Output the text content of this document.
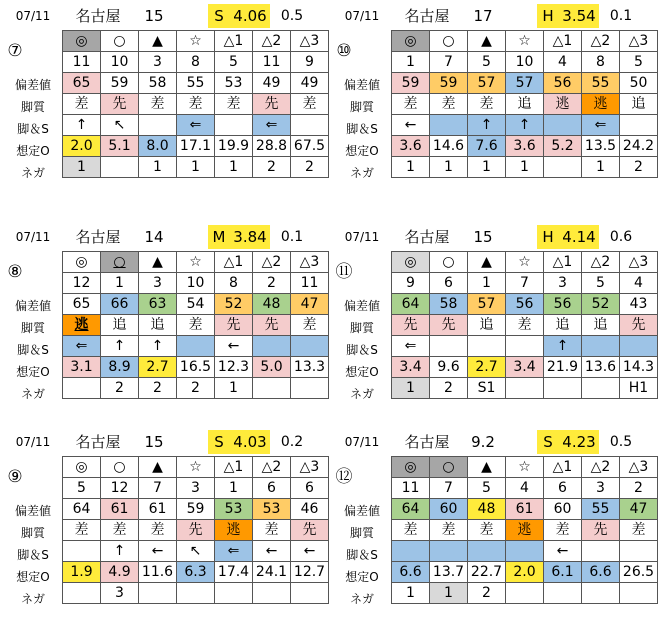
07/11	名古屋	15	S 4.06	0.5
⑦
偏差値
脚質
脚＆S
想定O
ネガ
◎	○	▲	☆	△1	△2	△3
11	10	3	8	5	11	9
65	59	58	55	53	49	49
差	先	差	差	差	先	差
↑	↖		⇐		⇐	
2.0	5.1	8.0	17.1	19.9	28.8	67.5
1		1	1	1	2	2
07/11	名古屋	17	H 3.54	0.1
⑩
偏差値
脚質
脚＆S
想定O
ネガ
◎	○	▲	☆	△1	△2	△3
1	7	5	10	4	8	5
59	59	57	57	56	55	50
差	差	差	追	逃	逃	追
←		↑	↑		⇐	
3.6	14.6	7.6	3.6	5.2	13.5	24.2
1	1	1	1		1	2
07/11	名古屋	14	M 3.84	0.1
⑧
偏差値
脚質
脚＆S
想定O
ネガ
◎	○	▲	☆	△1	△2	△3
12	1	3	10	8	2	11
65	66	63	54	52	48	47
逃	追	追	差	先	先	差
⇐	↑	↑		←		
3.1	8.9	2.7	16.5	12.3	5.0	13.3
	2	2	2	1		
07/11	名古屋	15	H 4.14	0.6
⑪
偏差値
脚質
脚＆S
想定O
ネガ
◎	○	▲	☆	△1	△2	△3
9	6	1	7	3	5	4
64	58	57	56	56	52	43
先	先	追	差	追	追	先
⇐				↑		
3.4	9.6	2.7	3.4	21.9	13.6	14.3
1	2	S1				H1
07/11	名古屋	15	S 4.03	0.2
⑨
偏差値
脚質
脚＆S
想定O
ネガ
◎	○	▲	☆	△1	△2	△3
5	12	7	3	1	6	6
64	61	61	59	53	53	46
差	差	差	先	逃	差	先
	↑	←	↖	⇐	←	←
1.9	4.9	11.6	6.3	17.4	24.1	12.7
	3					
07/11	名古屋	9.2	S 4.23	0.5
⑫
偏差値
脚質
脚＆S
想定O
ネガ
◎	○	▲	☆	△1	△2	△3
11	7	5	4	6	3	2
64	60	48	61	60	55	47
差	差	差	逃	差	先	差
				←		
6.6	13.7	22.7	2.0	6.1	6.6	26.5
1	1	2				
